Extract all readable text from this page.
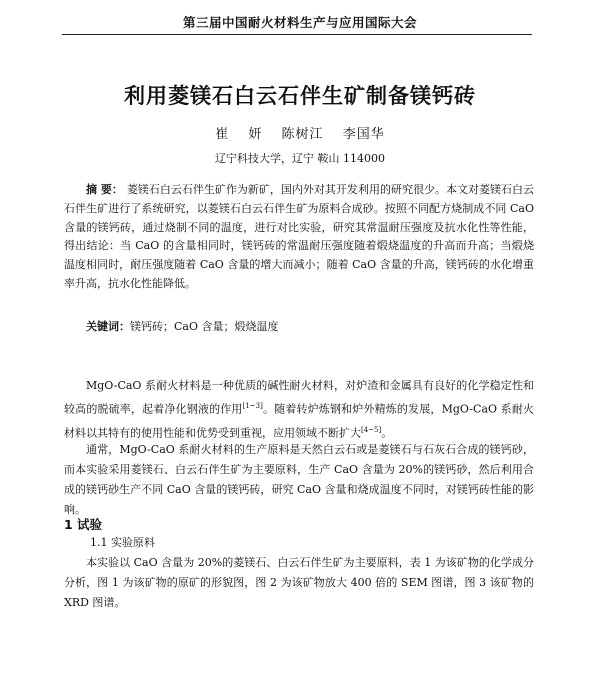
第三届中国耐火材料生产与应用国际大会
利用菱镁石白云石伴生矿制备镁钙砖
崔 妍 陈树江 李国华
辽宁科技大学，辽宁 鞍山 114000
摘 要： 菱镁石白云石伴生矿作为新矿，国内外对其开发利用的研究很少。本文对菱镁石白云石伴生矿进行了系统研究，以菱镁石白云石伴生矿为原料合成砂。按照不同配方烧制成不同 CaO 含量的镁钙砖，通过烧制不同的温度，进行对比实验，研究其常温耐压强度及抗水化性等性能，得出结论：当 CaO 的含量相同时，镁钙砖的常温耐压强度随着煅烧温度的升高而升高；当煅烧温度相同时，耐压强度随着 CaO 含量的增大而减小；随着 CaO 含量的升高，镁钙砖的水化增重率升高，抗水化性能降低。
关键词：镁钙砖；CaO 含量；煅烧温度
MgO-CaO 系耐火材料是一种优质的碱性耐火材料，对炉渣和金属具有良好的化学稳定性和较高的脱硫率，起着净化钢液的作用[1~3]。随着转炉炼钢和炉外精炼的发展，MgO-CaO 系耐火材料以其特有的使用性能和优势受到重视，应用领域不断扩大[4~5]。
通常，MgO-CaO 系耐火材料的生产原料是天然白云石或是菱镁石与石灰石合成的镁钙砂，而本实验采用菱镁石、白云石伴生矿为主要原料，生产 CaO 含量为 20%的镁钙砂，然后利用合成的镁钙砂生产不同 CaO 含量的镁钙砖，研究 CaO 含量和烧成温度不同时，对镁钙砖性能的影响。
1 试验
1.1 实验原料
本实验以 CaO 含量为 20%的菱镁石、白云石伴生矿为主要原料，表 1 为该矿物的化学成分分析，图 1 为该矿物的原矿的形貌图，图 2 为该矿物放大 400 倍的 SEM 图谱，图 3 该矿物的 XRD 图谱。
